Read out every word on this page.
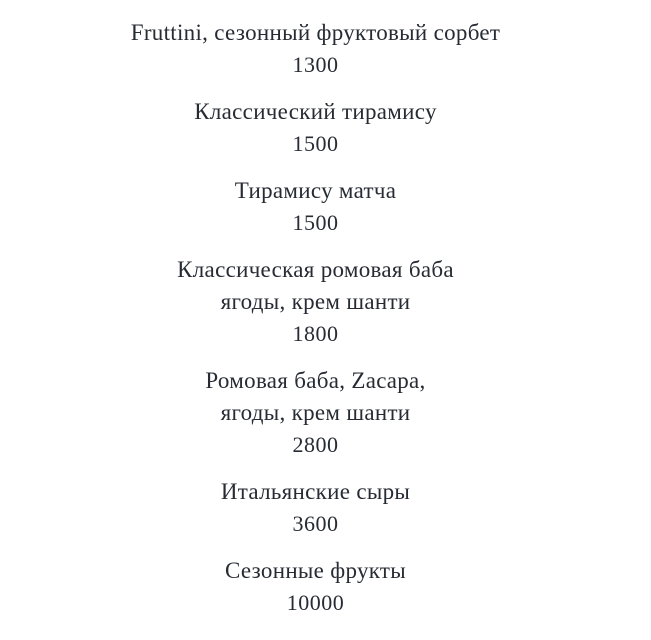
Fruttini, сезонный фруктовый сорбет
1300
Классический тирамису
1500
Тирамису матча
1500
Классическая ромовая баба
ягоды, крем шанти
1800
Ромовая баба, Zacapa,
ягоды, крем шанти
2800
Итальянские сыры
3600
Сезонные фрукты
10000
